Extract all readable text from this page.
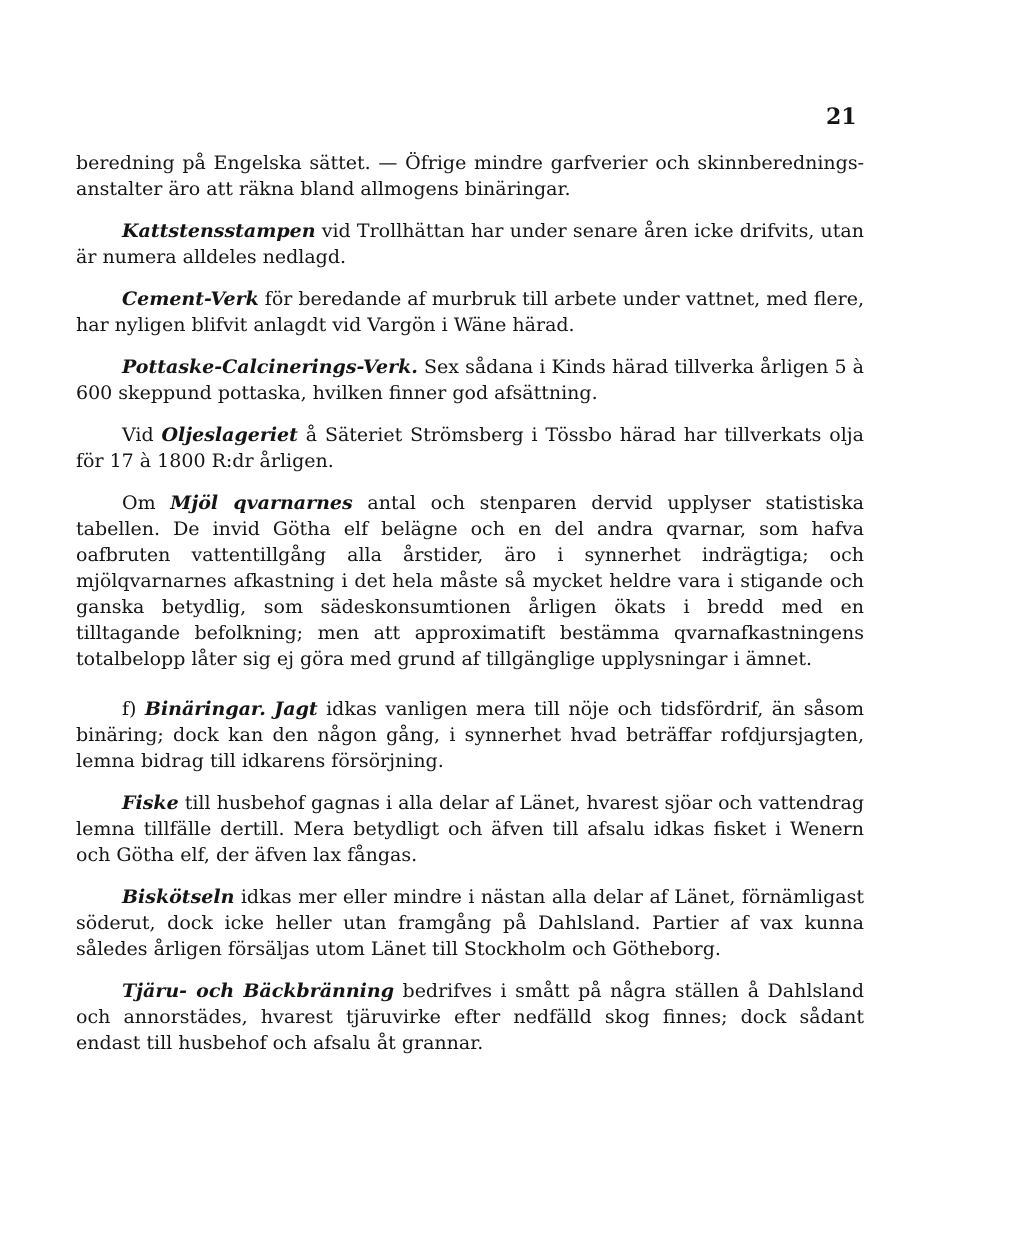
21

beredning på Engelska sättet. — Öfrige mindre garfverier och skinnberednings-anstalter äro att räkna bland allmogens binäringar.

Kattstensstampen vid Trollhättan har under senare åren icke drifvits, utan är numera alldeles nedlagd.

Cement-Verk för beredande af murbruk till arbete under vattnet, med flere, har nyligen blifvit anlagdt vid Vargön i Wäne härad.

Pottaske-Calcinerings-Verk. Sex sådana i Kinds härad tillverka årligen 5 à 600 skeppund pottaska, hvilken finner god afsättning.

Vid Oljeslageriet å Säteriet Strömsberg i Tössbo härad har tillverkats olja för 17 à 1800 R:dr årligen.

Om Mjöl qvarnarnes antal och stenparen dervid upplyser statistiska tabellen. De invid Götha elf belägne och en del andra qvarnar, som hafva oafbruten vattentillgång alla årstider, äro i synnerhet indrägtiga; och mjölqvarnarnes afkastning i det hela måste så mycket heldre vara i stigande och ganska betydlig, som sädeskonsumtionen årligen ökats i bredd med en tilltagande befolkning; men att approximatift bestämma qvarnafkastningens totalbelopp låter sig ej göra med grund af tillgänglige upplysningar i ämnet.

f) Binäringar. Jagt idkas vanligen mera till nöje och tidsfördrif, än såsom binäring; dock kan den någon gång, i synnerhet hvad beträffar rofdjursjagten, lemna bidrag till idkarens försörjning.

Fiske till husbehof gagnas i alla delar af Länet, hvarest sjöar och vattendrag lemna tillfälle dertill. Mera betydligt och äfven till afsalu idkas fisket i Wenern och Götha elf, der äfven lax fångas.

Biskötseln idkas mer eller mindre i nästan alla delar af Länet, förnämligast söderut, dock icke heller utan framgång på Dahlsland. Partier af vax kunna således årligen försäljas utom Länet till Stockholm och Götheborg.

Tjäru- och Bäckbränning bedrifves i smått på några ställen å Dahlsland och annorstädes, hvarest tjäruvirke efter nedfälld skog finnes; dock sådant endast till husbehof och afsalu åt grannar.
